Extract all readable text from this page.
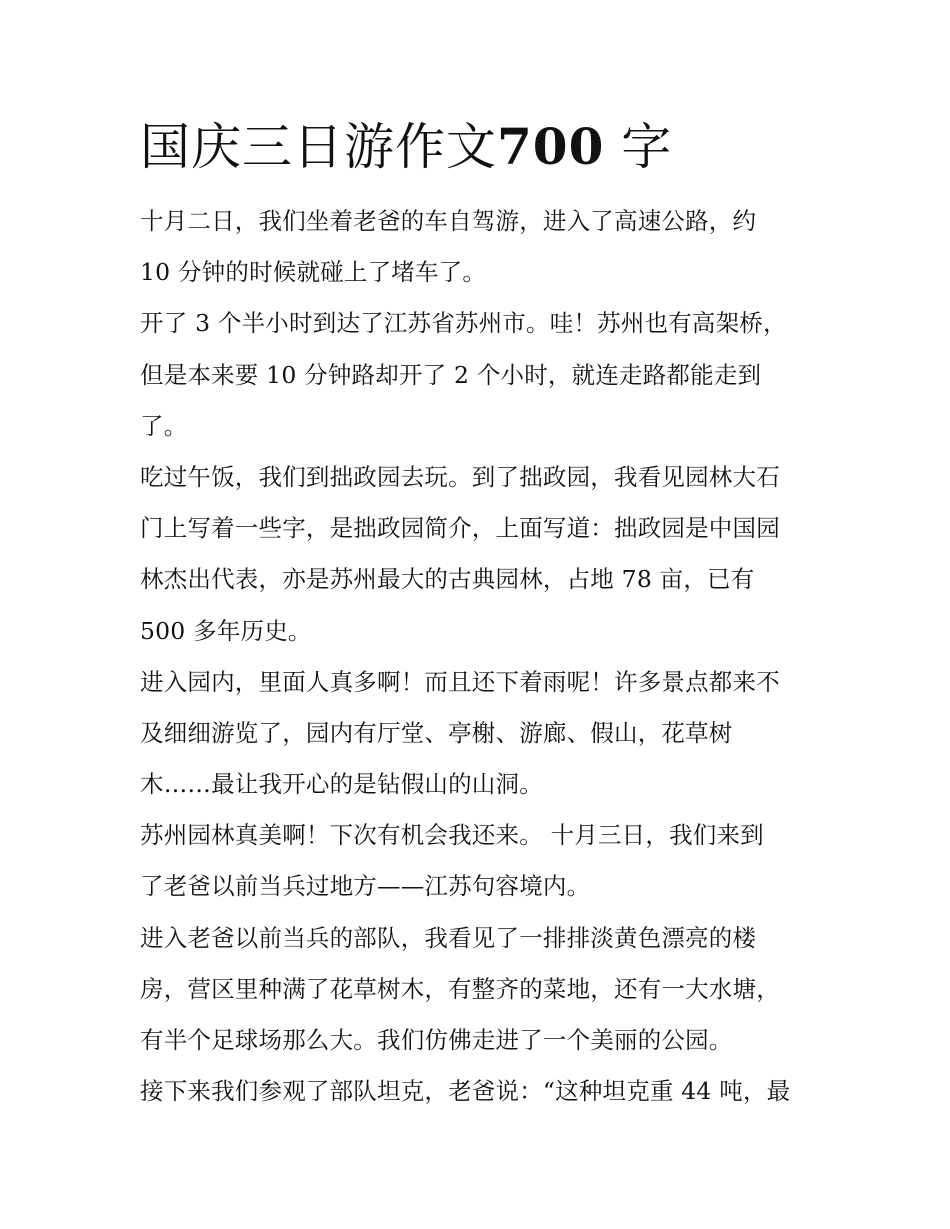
国庆三日游作文700 字
十月二日，我们坐着老爸的车自驾游，进入了高速公路，约
10 分钟的时候就碰上了堵车了。
开了 3 个半小时到达了江苏省苏州市。哇！苏州也有高架桥，
但是本来要 10 分钟路却开了 2 个小时，就连走路都能走到
了。
吃过午饭，我们到拙政园去玩。到了拙政园，我看见园林大石
门上写着一些字，是拙政园简介，上面写道：拙政园是中国园
林杰出代表，亦是苏州最大的古典园林，占地 78 亩，已有
500 多年历史。
进入园内，里面人真多啊！而且还下着雨呢！许多景点都来不
及细细游览了，园内有厅堂、亭榭、游廊、假山，花草树
木……最让我开心的是钻假山的山洞。
苏州园林真美啊！下次有机会我还来。 十月三日，我们来到
了老爸以前当兵过地方——江苏句容境内。
进入老爸以前当兵的部队，我看见了一排排淡黄色漂亮的楼
房，营区里种满了花草树木，有整齐的菜地，还有一大水塘，
有半个足球场那么大。我们仿佛走进了一个美丽的公园。
接下来我们参观了部队坦克，老爸说：“这种坦克重 44 吨，最
